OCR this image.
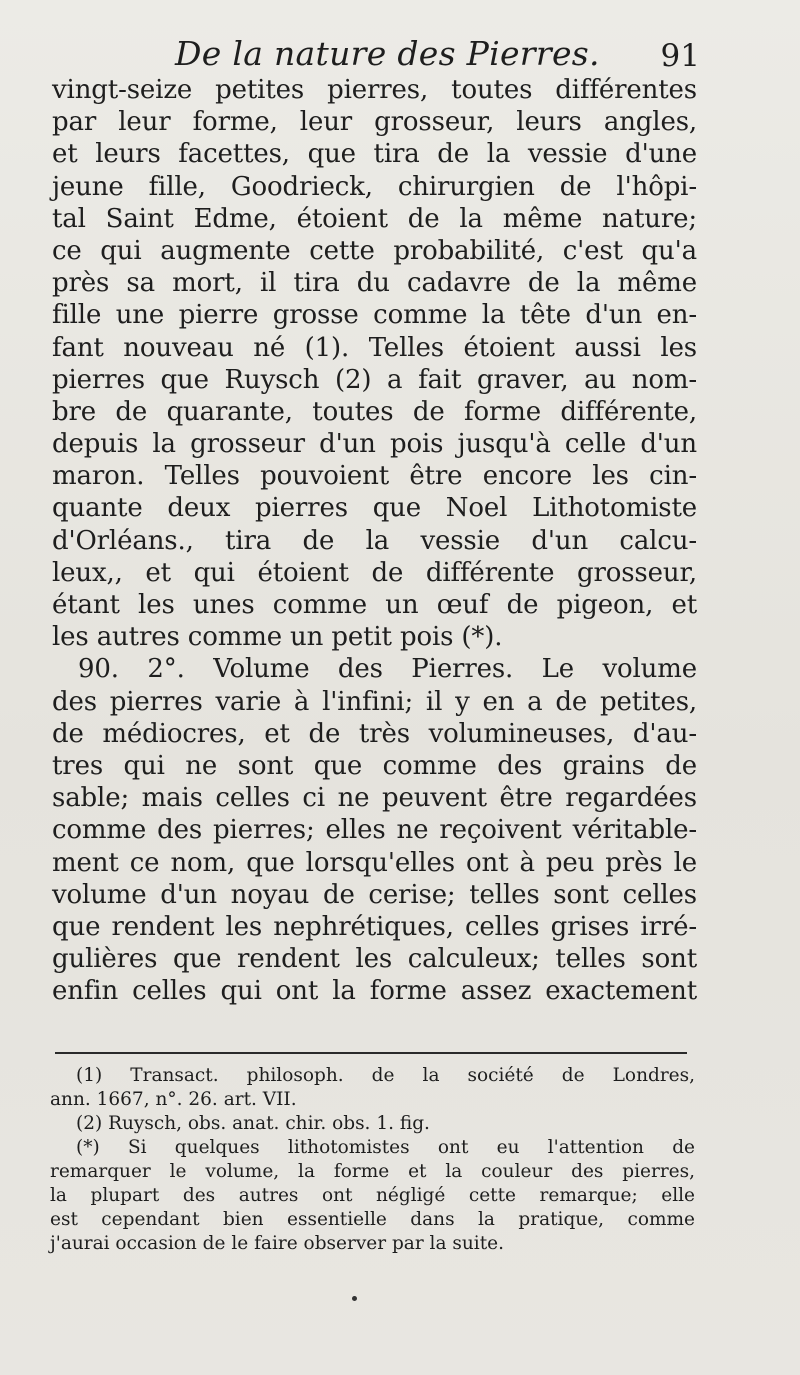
De la nature des Pierres. 91
vingt-seize petites pierres, toutes différentes
par leur forme, leur grosseur, leurs angles,
et leurs facettes, que tira de la vessie d'une
jeune fille, Goodrieck, chirurgien de l'hôpi-
tal Saint Edme, étoient de la même nature;
ce qui augmente cette probabilité, c'est qu'a
près sa mort, il tira du cadavre de la même
fille une pierre grosse comme la tête d'un en-
fant nouveau né (1). Telles étoient aussi les
pierres que Ruysch (2) a fait graver, au nom-
bre de quarante, toutes de forme différente,
depuis la grosseur d'un pois jusqu'à celle d'un
maron. Telles pouvoient être encore les cin-
quante deux pierres que Noel Lithotomiste
d'Orléans., tira de la vessie d'un calcu-
leux,, et qui étoient de différente grosseur,
étant les unes comme un œuf de pigeon, et
les autres comme un petit pois (*).
90. 2°. Volume des Pierres. Le volume
des pierres varie à l'infini; il y en a de petites,
de médiocres, et de très volumineuses, d'au-
tres qui ne sont que comme des grains de
sable; mais celles ci ne peuvent être regardées
comme des pierres; elles ne reçoivent véritable-
ment ce nom, que lorsqu'elles ont à peu près le
volume d'un noyau de cerise; telles sont celles
que rendent les nephrétiques, celles grises irré-
gulières que rendent les calculeux; telles sont
enfin celles qui ont la forme assez exactement
(1) Transact. philosoph. de la société de Londres,
ann. 1667, n°. 26. art. VII.
(2) Ruysch, obs. anat. chir. obs. 1. fig.
(*) Si quelques lithotomistes ont eu l'attention de
remarquer le volume, la forme et la couleur des pierres,
la plupart des autres ont négligé cette remarque; elle
est cependant bien essentielle dans la pratique, comme
j'aurai occasion de le faire observer par la suite.
